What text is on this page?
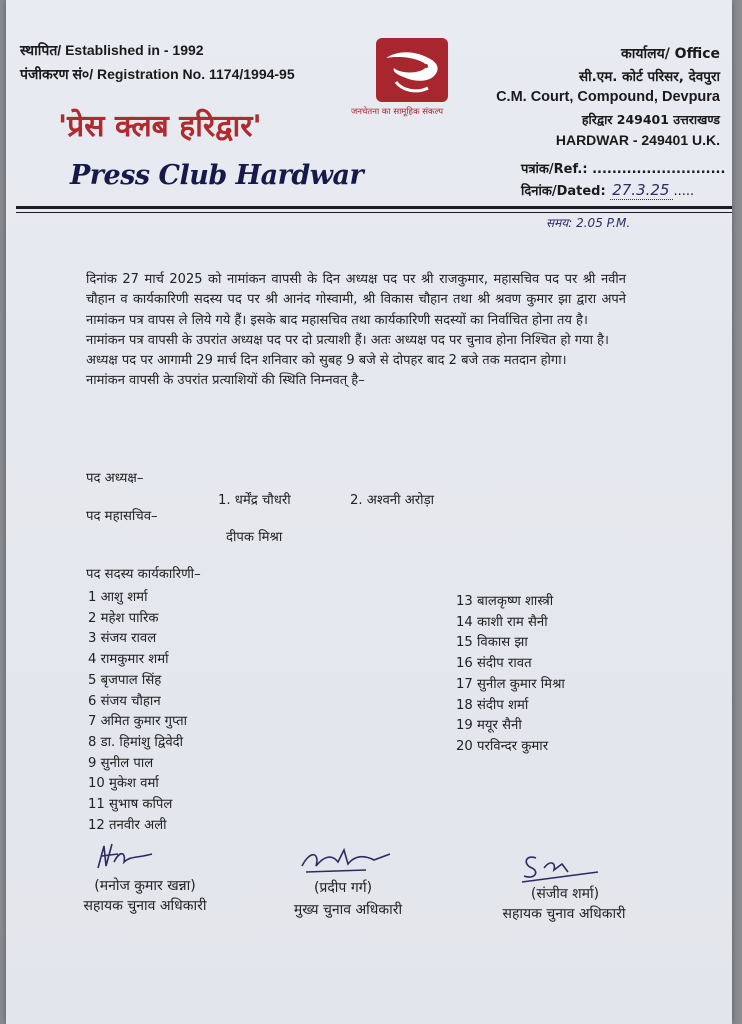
स्थापित/ Established in - 1992
पंजीकरण सं०/ Registration No. 1174/1994-95
जनचेतना का सामूहिक संकल्प
कार्यालय/ Office
सी.एम. कोर्ट परिसर, देवपुरा
C.M. Court, Compound, Devpura
हरिद्वार 249401 उत्तराखण्ड
HARDWAR - 249401 U.K.
पत्रांक/Ref.: ...........................
दिनांक/Dated: 27.3.25 .....
'प्रेस क्लब हरिद्वार'
Press Club Hardwar
समय: 2.05 P.M.

दिनांक 27 मार्च 2025 को नामांकन वापसी के दिन अध्यक्ष पद पर श्री राजकुमार, महासचिव पद पर श्री नवीन चौहान व कार्यकारिणी सदस्य पद पर श्री आनंद गोस्वामी, श्री विकास चौहान तथा श्री श्रवण कुमार झा द्वारा अपने नामांकन पत्र वापस ले लिये गये हैं। इसके बाद महासचिव तथा कार्यकारिणी सदस्यों का निर्वाचित होना तय है।

नामांकन पत्र वापसी के उपरांत अध्यक्ष पद पर दो प्रत्याशी हैं। अतः अध्यक्ष पद पर चुनाव होना निश्चित हो गया है।

अध्यक्ष पद पर आगामी 29 मार्च दिन शनिवार को सुबह 9 बजे से दोपहर बाद 2 बजे तक मतदान होगा।

नामांकन वापसी के उपरांत प्रत्याशियों की स्थिति निम्नवत् है–

पद अध्यक्ष–
1. धर्मेंद्र चौधरी	2. अश्वनी अरोड़ा
पद महासचिव–
दीपक मिश्रा
पद सदस्य कार्यकारिणी–
1 आशु शर्मा
2 महेश पारिक
3 संजय रावल
4 रामकुमार शर्मा
5 बृजपाल सिंह
6 संजय चौहान
7 अमित कुमार गुप्ता
8 डा. हिमांशु द्विवेदी
9 सुनील पाल
10 मुकेश वर्मा
11 सुभाष कपिल
12 तनवीर अली
13 बालकृष्ण शास्त्री
14 काशी राम सैनी
15 विकास झा
16 संदीप रावत
17 सुनील कुमार मिश्रा
18 संदीप शर्मा
19 मयूर सैनी
20 परविन्दर कुमार
(मनोज कुमार खन्ना)
सहायक चुनाव अधिकारी
(प्रदीप गर्ग)
मुख्य चुनाव अधिकारी
(संजीव शर्मा)
सहायक चुनाव अधिकारी
